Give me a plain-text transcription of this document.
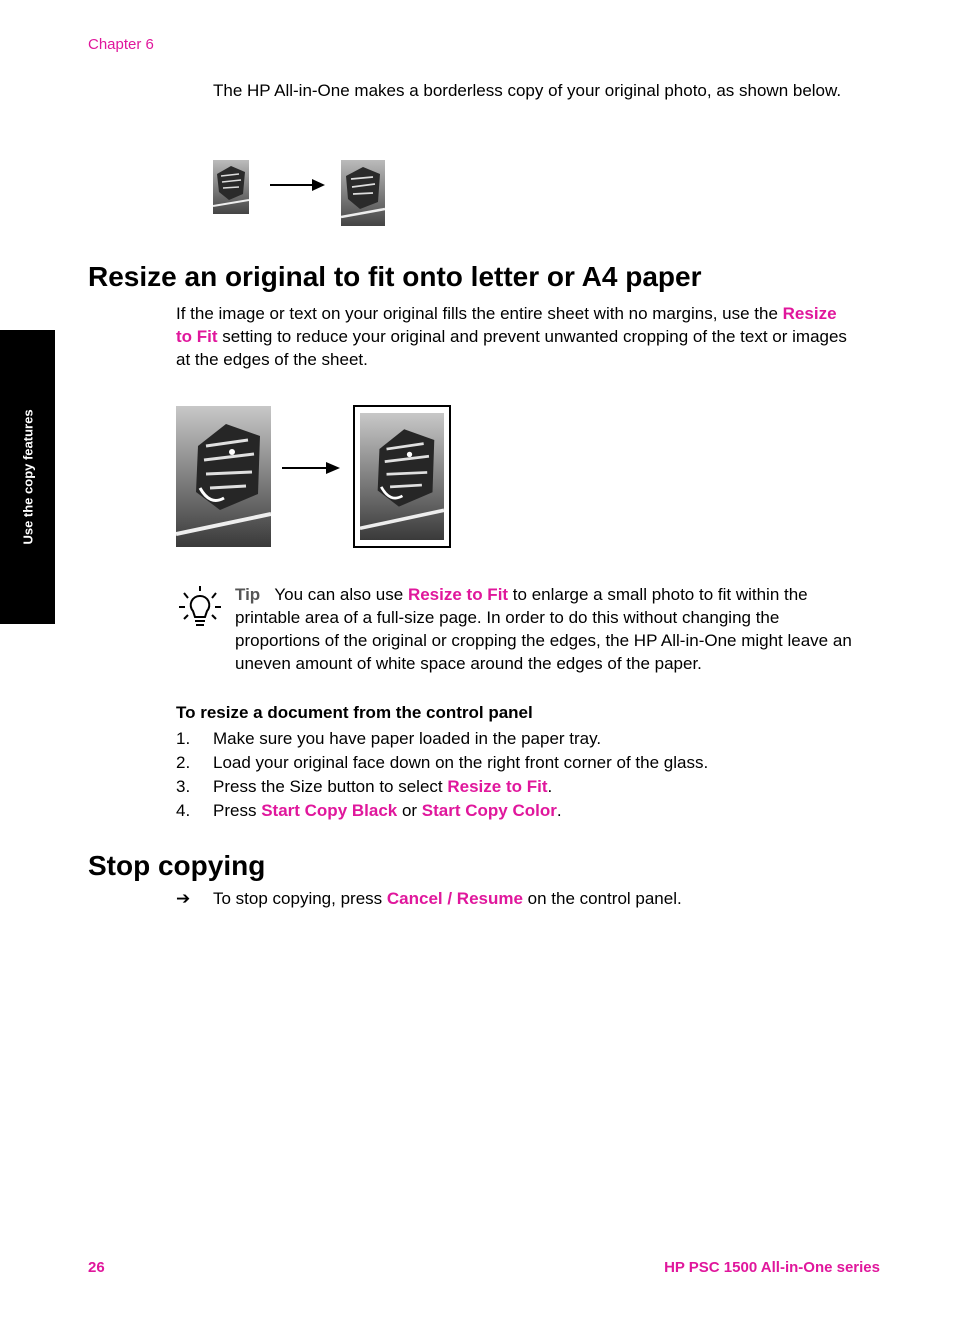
Chapter 6
Use the copy features
The HP All-in-One makes a borderless copy of your original photo, as shown below.
Resize an original to fit onto letter or A4 paper
If the image or text on your original fills the entire sheet with no margins, use the Resize to Fit setting to reduce your original and prevent unwanted cropping of the text or images at the edges of the sheet.
Tip You can also use Resize to Fit to enlarge a small photo to fit within the printable area of a full-size page. In order to do this without changing the proportions of the original or cropping the edges, the HP All-in-One might leave an uneven amount of white space around the edges of the paper.
To resize a document from the control panel
1. Make sure you have paper loaded in the paper tray.
2. Load your original face down on the right front corner of the glass.
3. Press the Size button to select Resize to Fit.
4. Press Start Copy Black or Start Copy Color.
Stop copying
➔ To stop copying, press Cancel / Resume on the control panel.
26	HP PSC 1500 All-in-One series
